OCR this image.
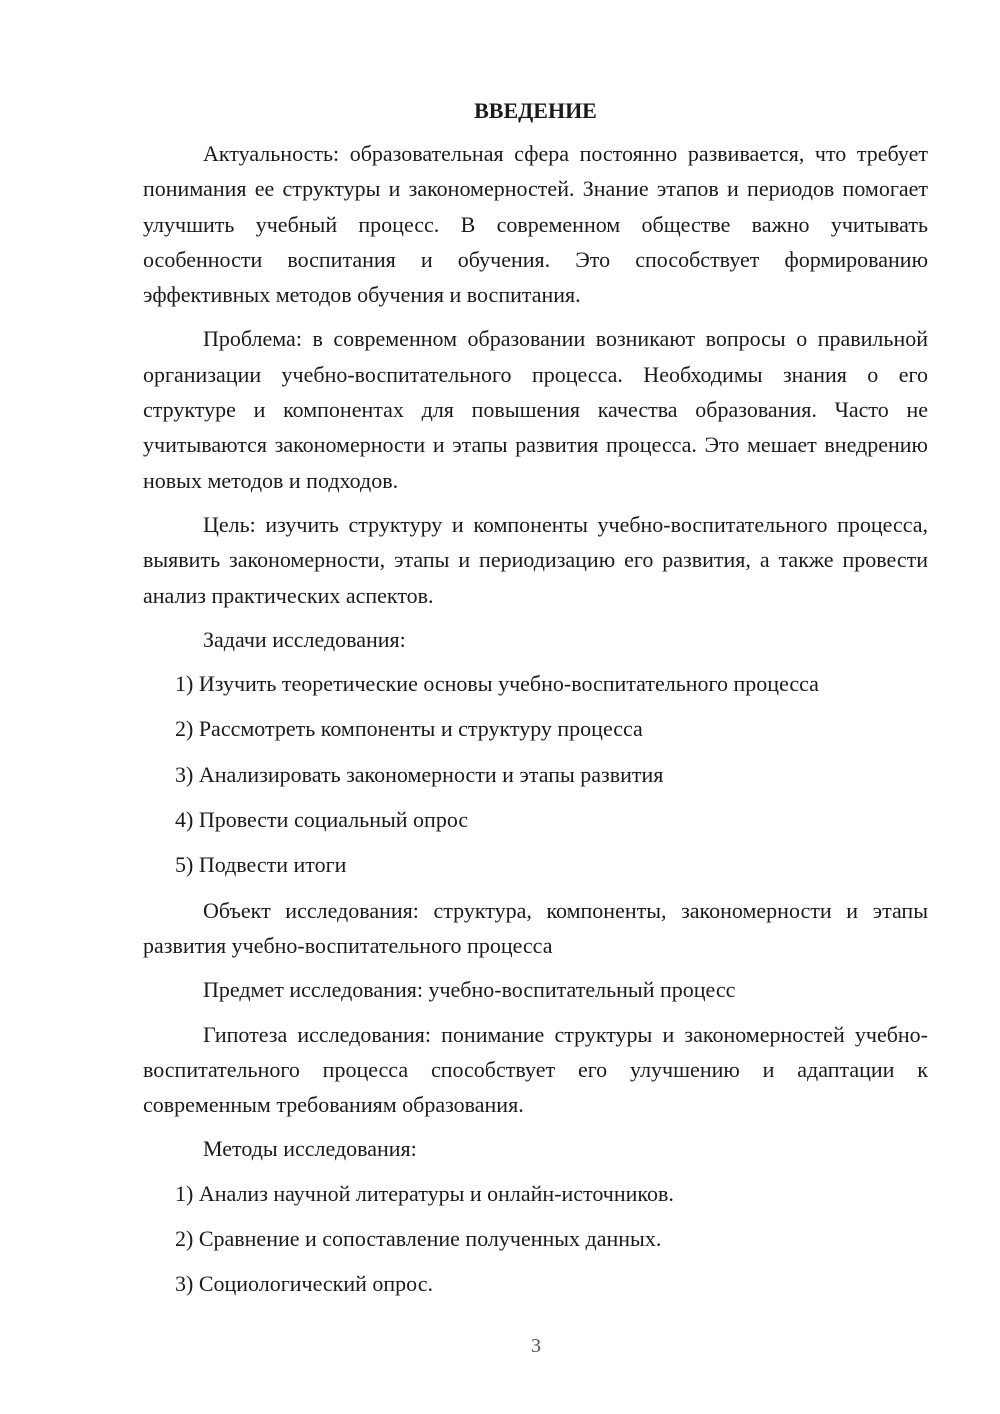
ВВЕДЕНИЕ

Актуальность: образовательная сфера постоянно развивается, что требует понимания ее структуры и закономерностей. Знание этапов и периодов помогает улучшить учебный процесс. В современном обществе важно учитывать особенности воспитания и обучения. Это способствует формированию эффективных методов обучения и воспитания.

Проблема: в современном образовании возникают вопросы о правильной организации учебно-воспитательного процесса. Необходимы знания о его структуре и компонентах для повышения качества образования. Часто не учитываются закономерности и этапы развития процесса. Это мешает внедрению новых методов и подходов.

Цель: изучить структуру и компоненты учебно-воспитательного процесса, выявить закономерности, этапы и периодизацию его развития, а также провести анализ практических аспектов.

Задачи исследования:

1) Изучить теоретические основы учебно-воспитательного процесса
2) Рассмотреть компоненты и структуру процесса
3) Анализировать закономерности и этапы развития
4) Провести социальный опрос
5) Подвести итоги

Объект исследования: структура, компоненты, закономерности и этапы развития учебно-воспитательного процесса

Предмет исследования: учебно-воспитательный процесс

Гипотеза исследования: понимание структуры и закономерностей учебно-воспитательного процесса способствует его улучшению и адаптации к современным требованиям образования.

Методы исследования:

1) Анализ научной литературы и онлайн-источников.
2) Сравнение и сопоставление полученных данных.
3) Социологический опрос.
3
